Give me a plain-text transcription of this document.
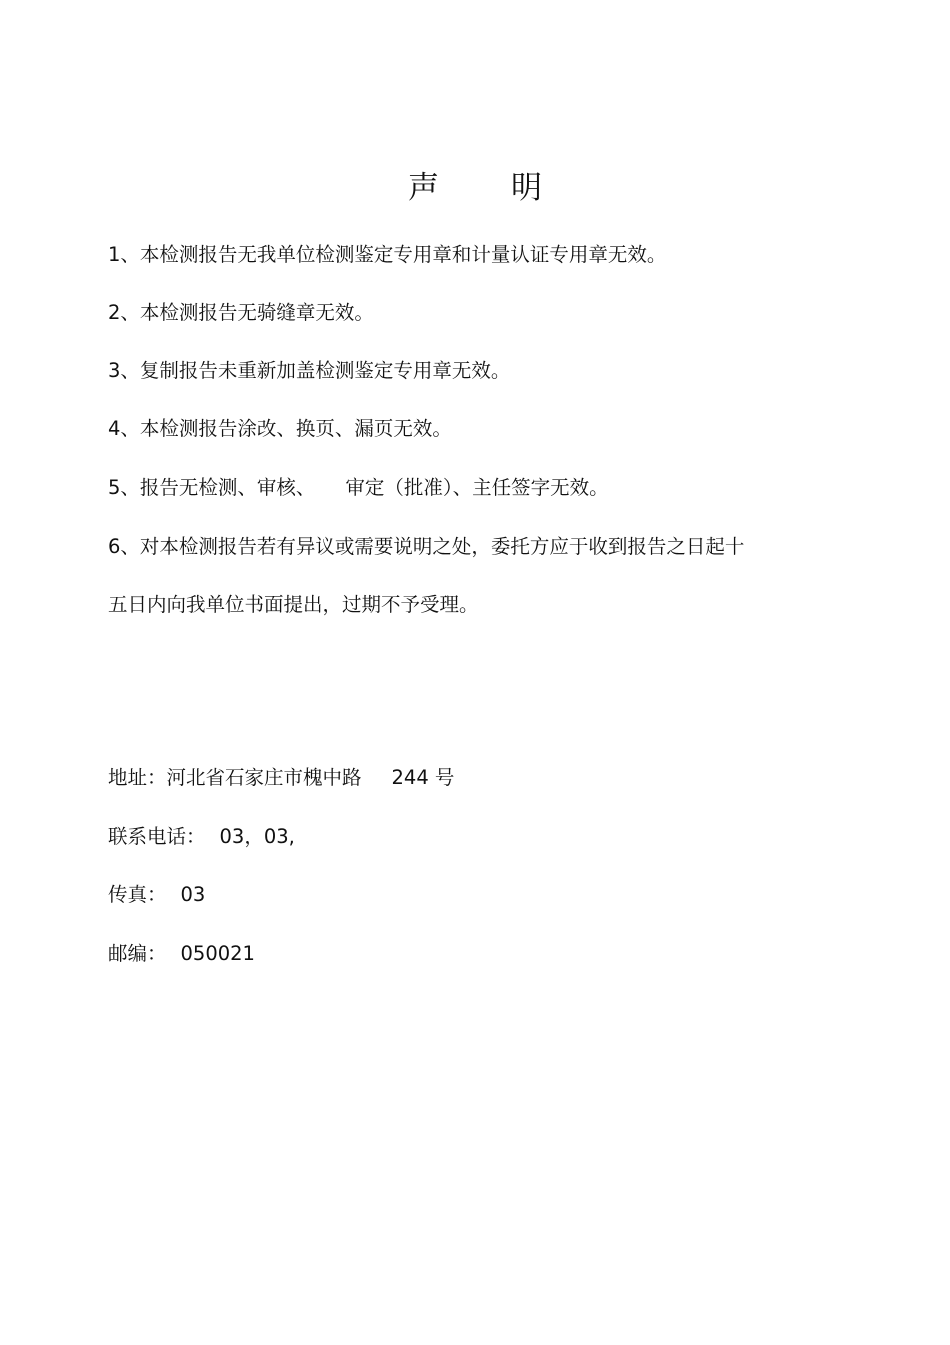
声 明
1、本检测报告无我单位检测鉴定专用章和计量认证专用章无效。
2、本检测报告无骑缝章无效。
3、复制报告未重新加盖检测鉴定专用章无效。
4、本检测报告涂改、换页、漏页无效。
5、报告无检测、审核、 审定（批准）、主任签字无效。
6、对本检测报告若有异议或需要说明之处，委托方应于收到报告之日起十
五日内向我单位书面提出，过期不予受理。
地址：河北省石家庄市槐中路 244 号
联系电话： 03，03,
传真： 03
邮编： 050021
